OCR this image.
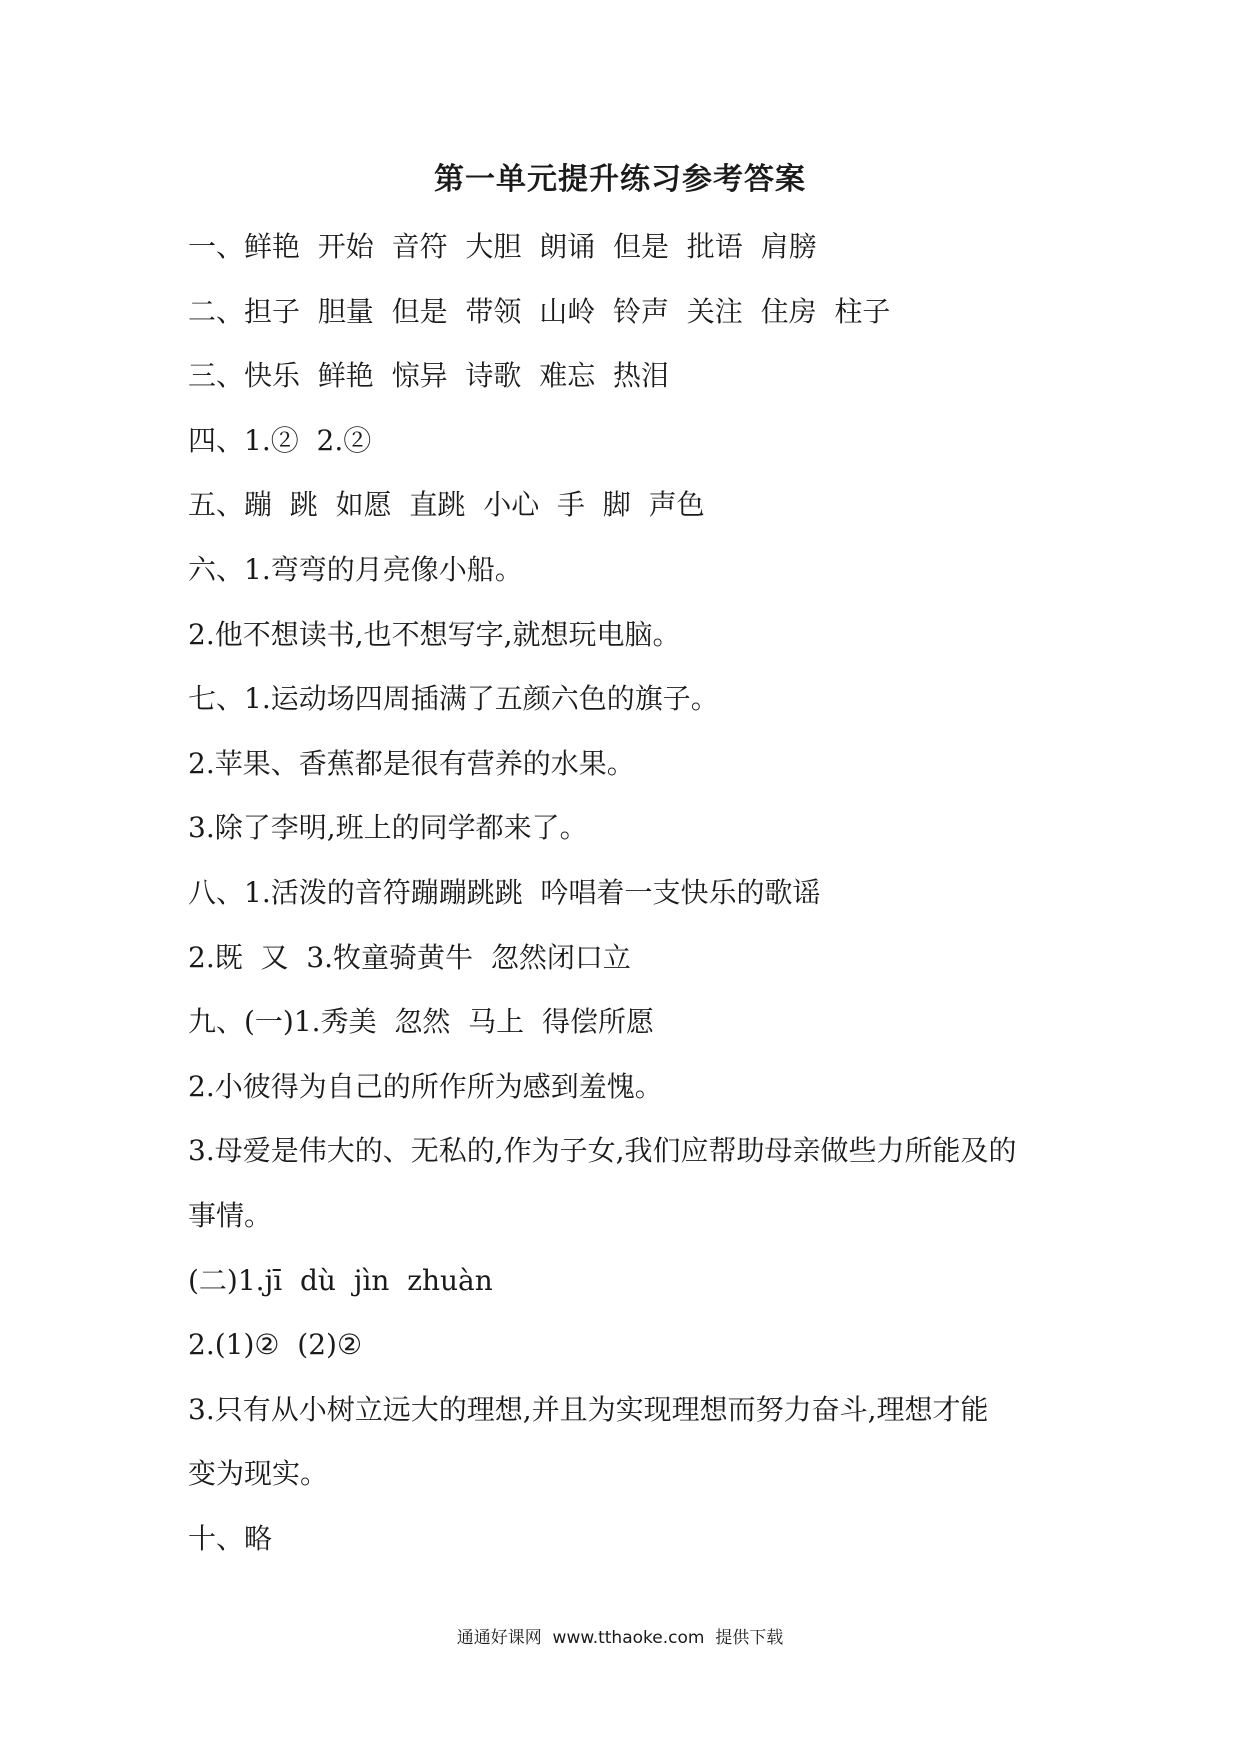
第一单元提升练习参考答案

一、鲜艳  开始  音符  大胆  朗诵  但是  批语  肩膀

二、担子  胆量  但是  带领  山岭  铃声  关注  住房  柱子

三、快乐  鲜艳  惊异  诗歌  难忘  热泪

四、1.②  2.②

五、蹦  跳  如愿  直跳  小心  手  脚  声色

六、1.弯弯的月亮像小船。

2.他不想读书,也不想写字,就想玩电脑。

七、1.运动场四周插满了五颜六色的旗子。

2.苹果、香蕉都是很有营养的水果。

3.除了李明,班上的同学都来了。

八、1.活泼的音符蹦蹦跳跳  吟唱着一支快乐的歌谣

2.既  又  3.牧童骑黄牛  忽然闭口立

九、(一)1.秀美  忽然  马上  得偿所愿

2.小彼得为自己的所作所为感到羞愧。

3.母爱是伟大的、无私的,作为子女,我们应帮助母亲做些力所能及的

事情。

(二)1.jī  dù  jìn  zhuàn

2.(1)②  (2)②

3.只有从小树立远大的理想,并且为实现理想而努力奋斗,理想才能

变为现实。

十、略

通通好课网  www.tthaoke.com  提供下载
